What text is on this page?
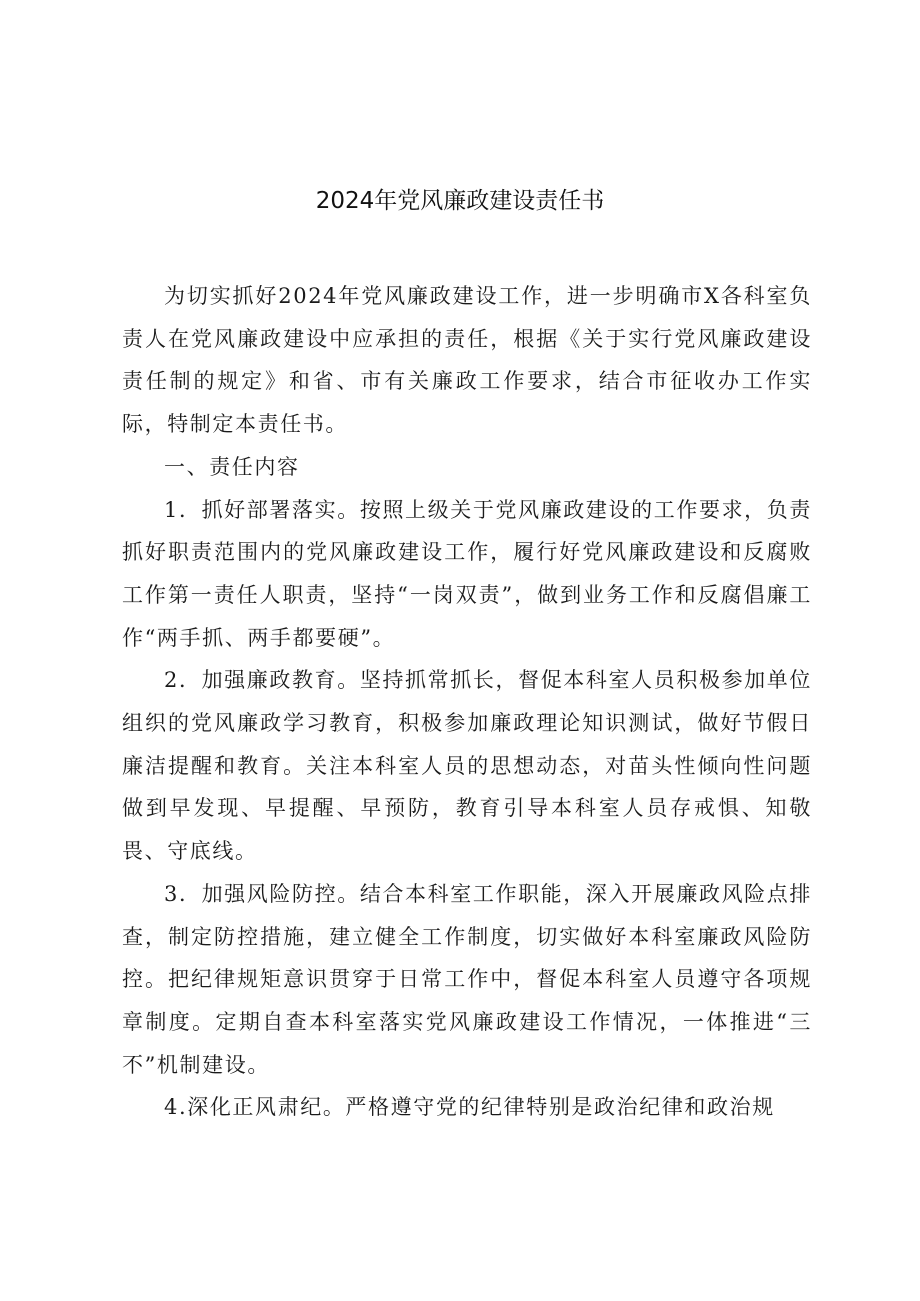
2024年党风廉政建设责任书

为切实抓好2024年党风廉政建设工作，进一步明确市X各科室负责人在党风廉政建设中应承担的责任，根据《关于实行党风廉政建设责任制的规定》和省、市有关廉政工作要求，结合市征收办工作实际，特制定本责任书。

一、责任内容

1．抓好部署落实。按照上级关于党风廉政建设的工作要求，负责抓好职责范围内的党风廉政建设工作，履行好党风廉政建设和反腐败工作第一责任人职责，坚持“一岗双责”，做到业务工作和反腐倡廉工作“两手抓、两手都要硬”。

2．加强廉政教育。坚持抓常抓长，督促本科室人员积极参加单位组织的党风廉政学习教育，积极参加廉政理论知识测试，做好节假日廉洁提醒和教育。关注本科室人员的思想动态，对苗头性倾向性问题做到早发现、早提醒、早预防，教育引导本科室人员存戒惧、知敬畏、守底线。

3．加强风险防控。结合本科室工作职能，深入开展廉政风险点排查，制定防控措施，建立健全工作制度，切实做好本科室廉政风险防控。把纪律规矩意识贯穿于日常工作中，督促本科室人员遵守各项规章制度。定期自查本科室落实党风廉政建设工作情况，一体推进“三不”机制建设。

4.深化正风肃纪。严格遵守党的纪律特别是政治纪律和政治规
